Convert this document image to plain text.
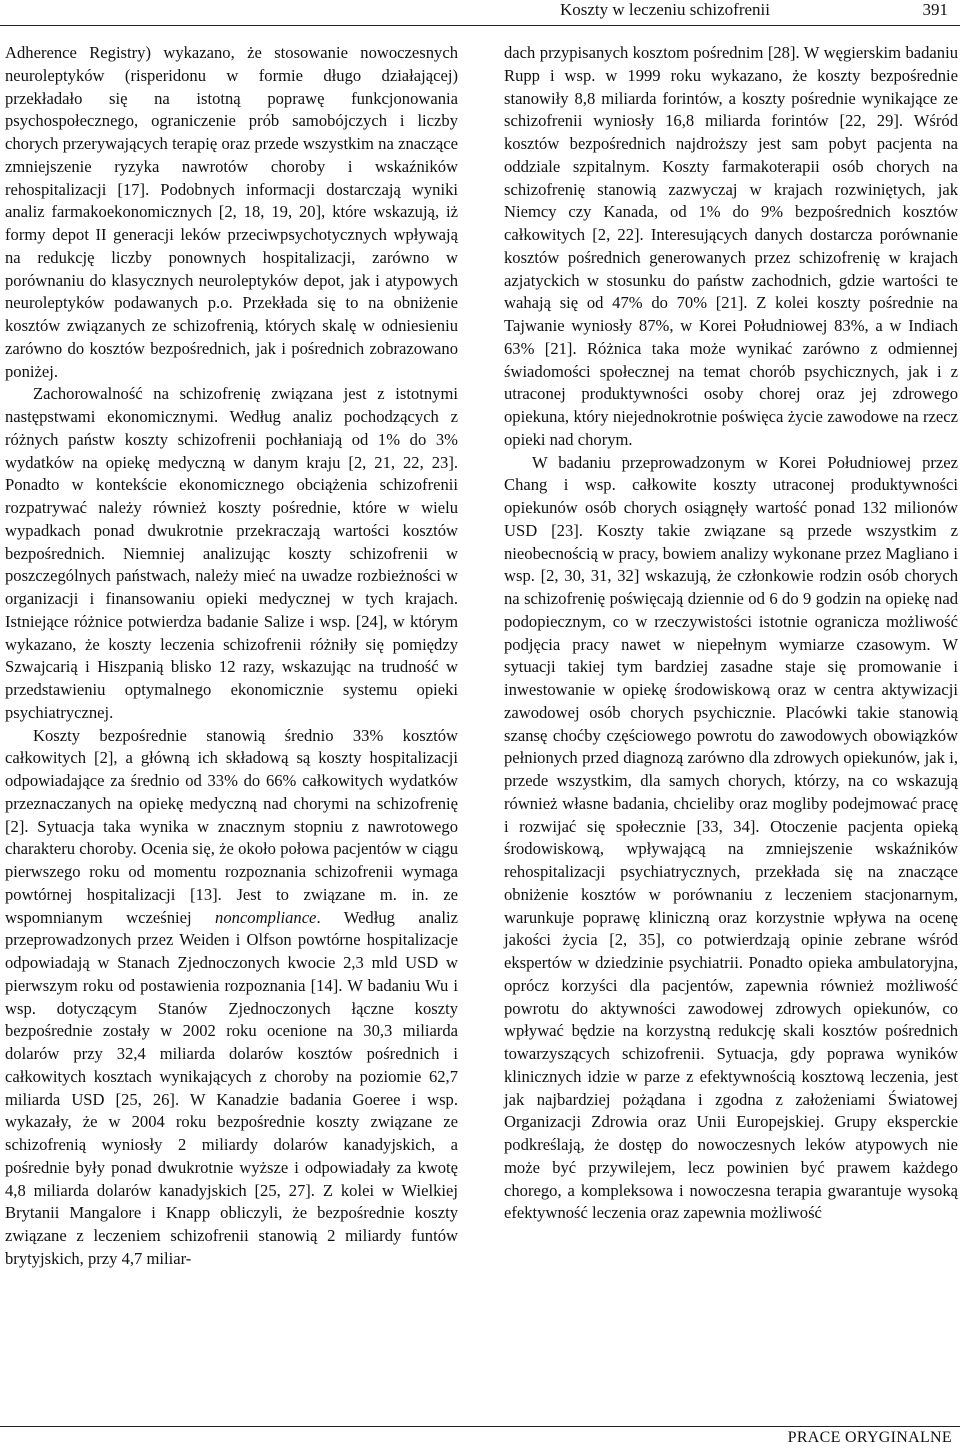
Koszty w leczeniu schizofrenii	391

Adherence Registry) wykazano, że stosowanie nowoczesnych neuroleptyków (risperidonu w formie długo działającej) przekładało się na istotną poprawę funkcjonowania psychospołecznego, ograniczenie prób samobójczych i liczby chorych przerywających terapię oraz przede wszystkim na znaczące zmniejszenie ryzyka nawrotów choroby i wskaźników rehospitalizacji [17]. Podobnych informacji dostarczają wyniki analiz farmakoekonomicznych [2, 18, 19, 20], które wskazują, iż formy depot II generacji leków przeciwpsychotycznych wpływają na redukcję liczby ponownych hospitalizacji, zarówno w porównaniu do klasycznych neuroleptyków depot, jak i atypowych neuroleptyków podawanych p.o. Przekłada się to na obniżenie kosztów związanych ze schizofrenią, których skalę w odniesieniu zarówno do kosztów bezpośrednich, jak i pośrednich zobrazowano poniżej.

Zachorowalność na schizofrenię związana jest z istotnymi następstwami ekonomicznymi. Według analiz pochodzących z różnych państw koszty schizofrenii pochłaniają od 1% do 3% wydatków na opiekę medyczną w danym kraju [2, 21, 22, 23]. Ponadto w kontekście ekonomicznego obciążenia schizofrenii rozpatrywać należy również koszty pośrednie, które w wielu wypadkach ponad dwukrotnie przekraczają wartości kosztów bezpośrednich. Niemniej analizując koszty schizofrenii w poszczególnych państwach, należy mieć na uwadze rozbieżności w organizacji i finansowaniu opieki medycznej w tych krajach. Istniejące różnice potwierdza badanie Salize i wsp. [24], w którym wykazano, że koszty leczenia schizofrenii różniły się pomiędzy Szwajcarią i Hiszpanią blisko 12 razy, wskazując na trudność w przedstawieniu optymalnego ekonomicznie systemu opieki psychiatrycznej.

Koszty bezpośrednie stanowią średnio 33% kosztów całkowitych [2], a główną ich składową są koszty hospitalizacji odpowiadające za średnio od 33% do 66% całkowitych wydatków przeznaczanych na opiekę medyczną nad chorymi na schizofrenię [2]. Sytuacja taka wynika w znacznym stopniu z nawrotowego charakteru choroby. Ocenia się, że około połowa pacjentów w ciągu pierwszego roku od momentu rozpoznania schizofrenii wymaga powtórnej hospitalizacji [13]. Jest to związane m. in. ze wspomnianym wcześniej noncompliance. Według analiz przeprowadzonych przez Weiden i Olfson powtórne hospitalizacje odpowiadają w Stanach Zjednoczonych kwocie 2,3 mld USD w pierwszym roku od postawienia rozpoznania [14]. W badaniu Wu i wsp. dotyczącym Stanów Zjednoczonych łączne koszty bezpośrednie zostały w 2002 roku ocenione na 30,3 miliarda dolarów przy 32,4 miliarda dolarów kosztów pośrednich i całkowitych kosztach wynikających z choroby na poziomie 62,7 miliarda USD [25, 26]. W Kanadzie badania Goeree i wsp. wykazały, że w 2004 roku bezpośrednie koszty związane ze schizofrenią wyniosły 2 miliardy dolarów kanadyjskich, a pośrednie były ponad dwukrotnie wyższe i odpowiadały za kwotę 4,8 miliarda dolarów kanadyjskich [25, 27]. Z kolei w Wielkiej Brytanii Mangalore i Knapp obliczyli, że bezpośrednie koszty związane z leczeniem schizofrenii stanowią 2 miliardy funtów brytyjskich, przy 4,7 miliar-

dach przypisanych kosztom pośrednim [28]. W węgierskim badaniu Rupp i wsp. w 1999 roku wykazano, że koszty bezpośrednie stanowiły 8,8 miliarda forintów, a koszty pośrednie wynikające ze schizofrenii wyniosły 16,8 miliarda forintów [22, 29]. Wśród kosztów bezpośrednich najdroższy jest sam pobyt pacjenta na oddziale szpitalnym. Koszty farmakoterapii osób chorych na schizofrenię stanowią zazwyczaj w krajach rozwiniętych, jak Niemcy czy Kanada, od 1% do 9% bezpośrednich kosztów całkowitych [2, 22]. Interesujących danych dostarcza porównanie kosztów pośrednich generowanych przez schizofrenię w krajach azjatyckich w stosunku do państw zachodnich, gdzie wartości te wahają się od 47% do 70% [21]. Z kolei koszty pośrednie na Tajwanie wyniosły 87%, w Korei Południowej 83%, a w Indiach 63% [21]. Różnica taka może wynikać zarówno z odmiennej świadomości społecznej na temat chorób psychicznych, jak i z utraconej produktywności osoby chorej oraz jej zdrowego opiekuna, który niejednokrotnie poświęca życie zawodowe na rzecz opieki nad chorym.

W badaniu przeprowadzonym w Korei Południowej przez Chang i wsp. całkowite koszty utraconej produktywności opiekunów osób chorych osiągnęły wartość ponad 132 milionów USD [23]. Koszty takie związane są przede wszystkim z nieobecnością w pracy, bowiem analizy wykonane przez Magliano i wsp. [2, 30, 31, 32] wskazują, że członkowie rodzin osób chorych na schizofrenię poświęcają dziennie od 6 do 9 godzin na opiekę nad podopiecznym, co w rzeczywistości istotnie ogranicza możliwość podjęcia pracy nawet w niepełnym wymiarze czasowym. W sytuacji takiej tym bardziej zasadne staje się promowanie i inwestowanie w opiekę środowiskową oraz w centra aktywizacji zawodowej osób chorych psychicznie. Placówki takie stanowią szansę choćby częściowego powrotu do zawodowych obowiązków pełnionych przed diagnozą zarówno dla zdrowych opiekunów, jak i, przede wszystkim, dla samych chorych, którzy, na co wskazują również własne badania, chcieliby oraz mogliby podejmować pracę i rozwijać się społecznie [33, 34]. Otoczenie pacjenta opieką środowiskową, wpływającą na zmniejszenie wskaźników rehospitalizacji psychiatrycznych, przekłada się na znaczące obniżenie kosztów w porównaniu z leczeniem stacjonarnym, warunkuje poprawę kliniczną oraz korzystnie wpływa na ocenę jakości życia [2, 35], co potwierdzają opinie zebrane wśród ekspertów w dziedzinie psychiatrii. Ponadto opieka ambulatoryjna, oprócz korzyści dla pacjentów, zapewnia również możliwość powrotu do aktywności zawodowej zdrowych opiekunów, co wpływać będzie na korzystną redukcję skali kosztów pośrednich towarzyszących schizofrenii. Sytuacja, gdy poprawa wyników klinicznych idzie w parze z efektywnością kosztową leczenia, jest jak najbardziej pożądana i zgodna z założeniami Światowej Organizacji Zdrowia oraz Unii Europejskiej. Grupy eksperckie podkreślają, że dostęp do nowoczesnych leków atypowych nie może być przywilejem, lecz powinien być prawem każdego chorego, a kompleksowa i nowoczesna terapia gwarantuje wysoką efektywność leczenia oraz zapewnia możliwość

PRACE ORYGINALNE
